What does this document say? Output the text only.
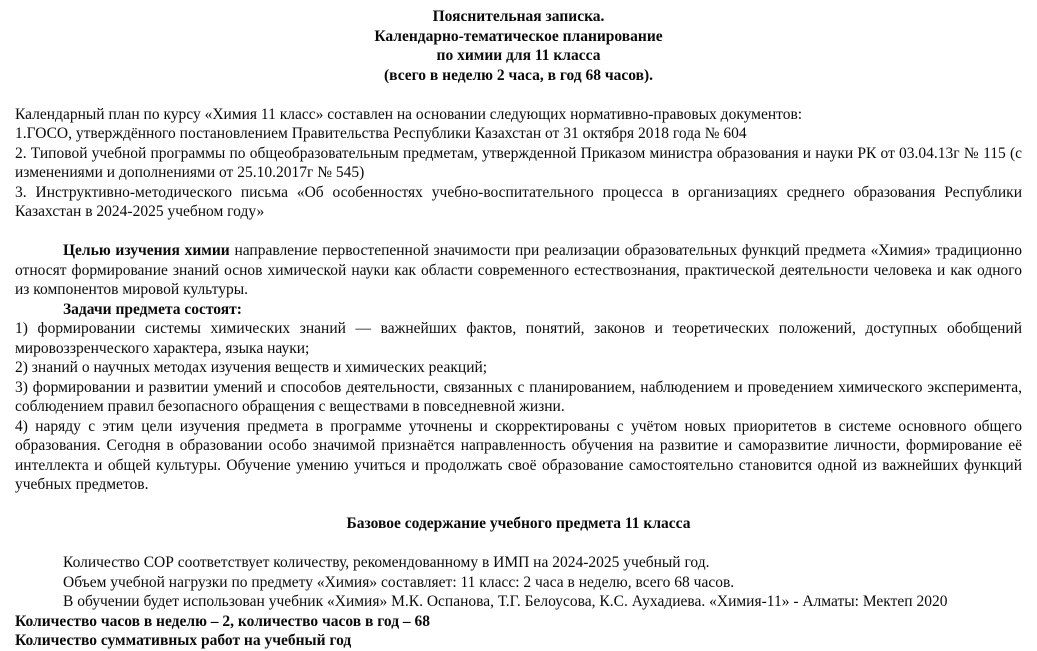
Пояснительная записка.

Календарно-тематическое планирование

по химии для 11 класса

(всего в неделю 2 часа, в год 68 часов).

Календарный план по курсу «Химия 11 класс» составлен на основании следующих нормативно-правовых документов:

1.ГОСО, утверждённого постановлением Правительства Республики Казахстан от 31 октября 2018 года № 604

2. Типовой учебной программы по общеобразовательным предметам, утвержденной Приказом министра образования и науки РК от 03.04.13г № 115 (с изменениями и дополнениями от 25.10.2017г № 545)

3. Инструктивно-методического письма «Об особенностях учебно-воспитательного процесса в организациях среднего образования Республики Казахстан в 2024-2025 учебном году»

Целью изучения химии направление первостепенной значимости при реализации образовательных функций предмета «Химия» традиционно относят формирование знаний основ химической науки как области современного естествознания, практической деятельности человека и как одного из компонентов мировой культуры.

Задачи предмета состоят:

1) формировании системы химических знаний — важнейших фактов, понятий, законов и теоретических положений, доступных обобщений мировоззренческого характера, языка науки;

2) знаний о научных методах изучения веществ и химических реакций;

3) формировании и развитии умений и способов деятельности, связанных с планированием, наблюдением и проведением химического эксперимента, соблюдением правил безопасного обращения с веществами в повседневной жизни.

4) наряду с этим цели изучения предмета в программе уточнены и скорректированы с учётом новых приоритетов в системе основного общего образования. Сегодня в образовании особо значимой признаётся направленность обучения на развитие и саморазвитие личности, формирование её интеллекта и общей культуры. Обучение умению учиться и продолжать своё образование самостоятельно становится одной из важнейших функций учебных предметов.

Базовое содержание учебного предмета 11 класса

Количество СОР соответствует количеству, рекомендованному в ИМП на 2024-2025 учебный год.

Объем учебной нагрузки по предмету «Химия» составляет: 11 класс: 2 часа в неделю, всего 68 часов.

В обучении будет использован учебник «Химия» М.К. Оспанова, Т.Г. Белоусова, К.С. Аухадиева. «Химия-11» - Алматы: Мектеп 2020

Количество часов в неделю – 2, количество часов в год – 68

Количество суммативных работ на учебный год
